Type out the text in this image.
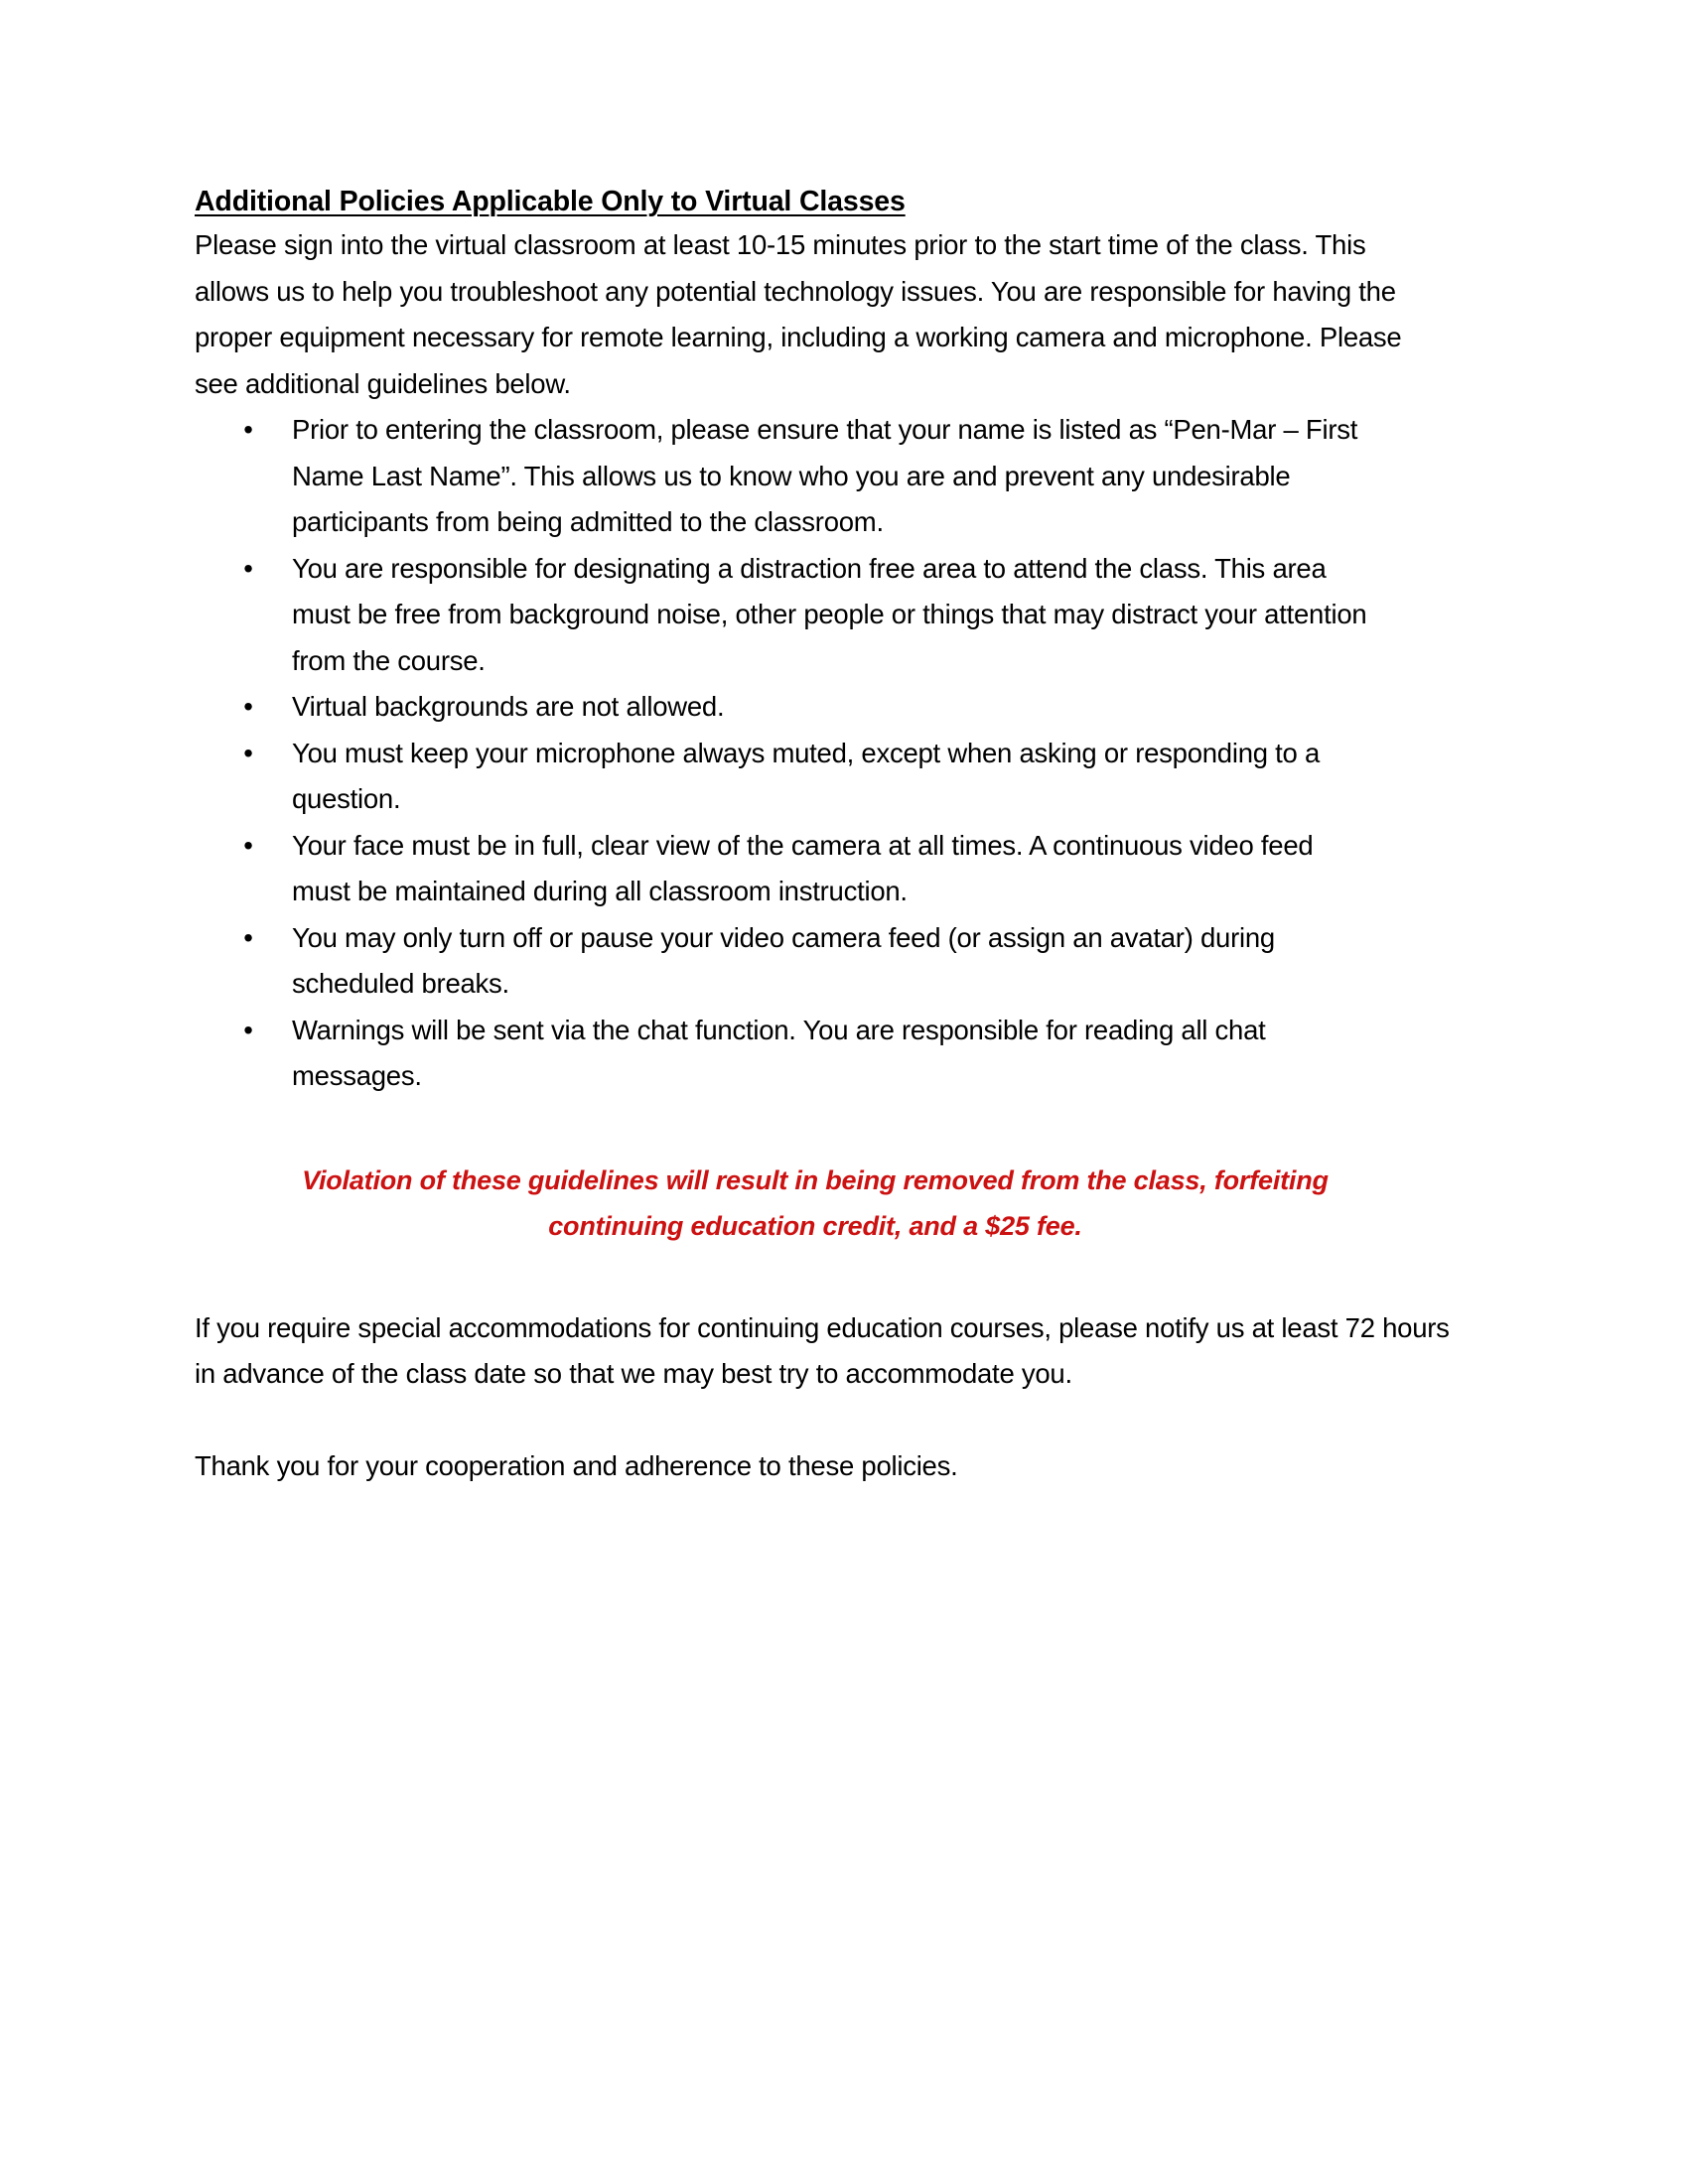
Additional Policies Applicable Only to Virtual Classes

Please sign into the virtual classroom at least 10-15 minutes prior to the start time of the class. This allows us to help you troubleshoot any potential technology issues. You are responsible for having the proper equipment necessary for remote learning, including a working camera and microphone. Please see additional guidelines below.

• Prior to entering the classroom, please ensure that your name is listed as “Pen-Mar – First Name Last Name”. This allows us to know who you are and prevent any undesirable participants from being admitted to the classroom.
• You are responsible for designating a distraction free area to attend the class. This area must be free from background noise, other people or things that may distract your attention from the course.
• Virtual backgrounds are not allowed.
• You must keep your microphone always muted, except when asking or responding to a question.
• Your face must be in full, clear view of the camera at all times. A continuous video feed must be maintained during all classroom instruction.
• You may only turn off or pause your video camera feed (or assign an avatar) during scheduled breaks.
• Warnings will be sent via the chat function. You are responsible for reading all chat messages.

Violation of these guidelines will result in being removed from the class, forfeiting
continuing education credit, and a $25 fee.

If you require special accommodations for continuing education courses, please notify us at least 72 hours in advance of the class date so that we may best try to accommodate you.

Thank you for your cooperation and adherence to these policies.
